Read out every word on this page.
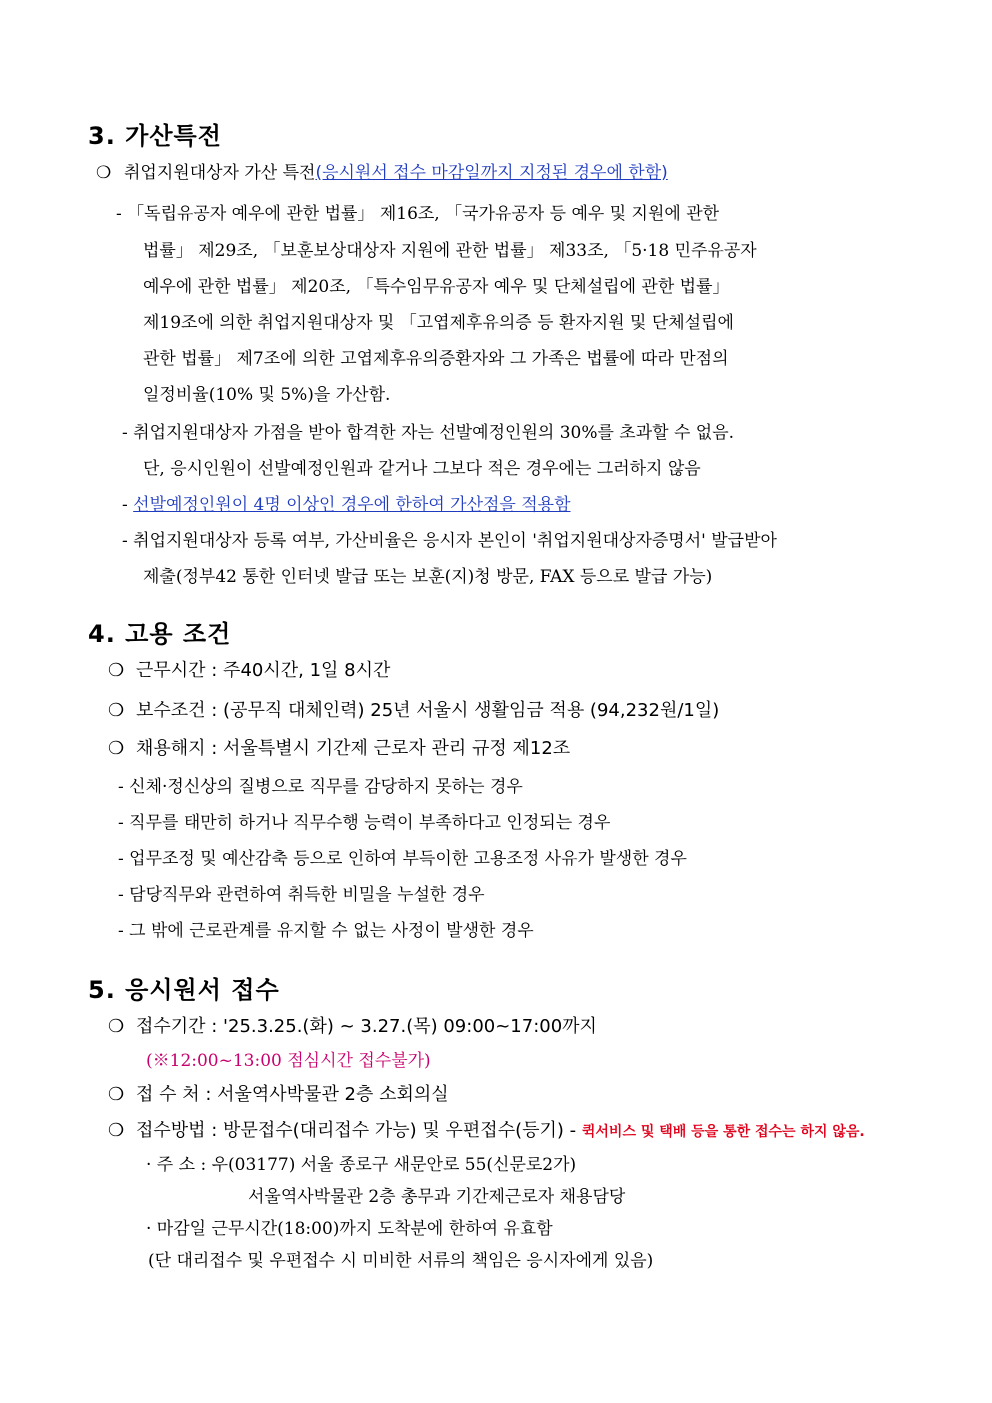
3. 가산특전
❍ 취업지원대상자 가산 특전(응시원서 접수 마감일까지 지정된 경우에 한함)
- 「독립유공자 예우에 관한 법률」 제16조, 「국가유공자 등 예우 및 지원에 관한
법률」 제29조, 「보훈보상대상자 지원에 관한 법률」 제33조, 「5·18 민주유공자
예우에 관한 법률」 제20조, 「특수임무유공자 예우 및 단체설립에 관한 법률」
제19조에 의한 취업지원대상자 및 「고엽제후유의증 등 환자지원 및 단체설립에
관한 법률」 제7조에 의한 고엽제후유의증환자와 그 가족은 법률에 따라 만점의
일정비율(10% 및 5%)을 가산함.
- 취업지원대상자 가점을 받아 합격한 자는 선발예정인원의 30%를 초과할 수 없음.
단, 응시인원이 선발예정인원과 같거나 그보다 적은 경우에는 그러하지 않음
- 선발예정인원이 4명 이상인 경우에 한하여 가산점을 적용함
- 취업지원대상자 등록 여부, 가산비율은 응시자 본인이 '취업지원대상자증명서' 발급받아
제출(정부42 통한 인터넷 발급 또는 보훈(지)청 방문, FAX 등으로 발급 가능)
4. 고용 조건
❍ 근무시간 : 주40시간, 1일 8시간
❍ 보수조건 : (공무직 대체인력) 25년 서울시 생활임금 적용 (94,232원/1일)
❍ 채용해지 : 서울특별시 기간제 근로자 관리 규정 제12조
- 신체·정신상의 질병으로 직무를 감당하지 못하는 경우
- 직무를 태만히 하거나 직무수행 능력이 부족하다고 인정되는 경우
- 업무조정 및 예산감축 등으로 인하여 부득이한 고용조정 사유가 발생한 경우
- 담당직무와 관련하여 취득한 비밀을 누설한 경우
- 그 밖에 근로관계를 유지할 수 없는 사정이 발생한 경우
5. 응시원서 접수
❍ 접수기간 : '25.3.25.(화) ~ 3.27.(목) 09:00~17:00까지
(※12:00~13:00 점심시간 접수불가)
❍ 접 수 처 : 서울역사박물관 2층 소회의실
❍ 접수방법 : 방문접수(대리접수 가능) 및 우편접수(등기) - 퀵서비스 및 택배 등을 통한 접수는 하지 않음.
· 주 소 : 우(03177) 서울 종로구 새문안로 55(신문로2가)
서울역사박물관 2층 총무과 기간제근로자 채용담당
· 마감일 근무시간(18:00)까지 도착분에 한하여 유효함
(단 대리접수 및 우편접수 시 미비한 서류의 책임은 응시자에게 있음)
